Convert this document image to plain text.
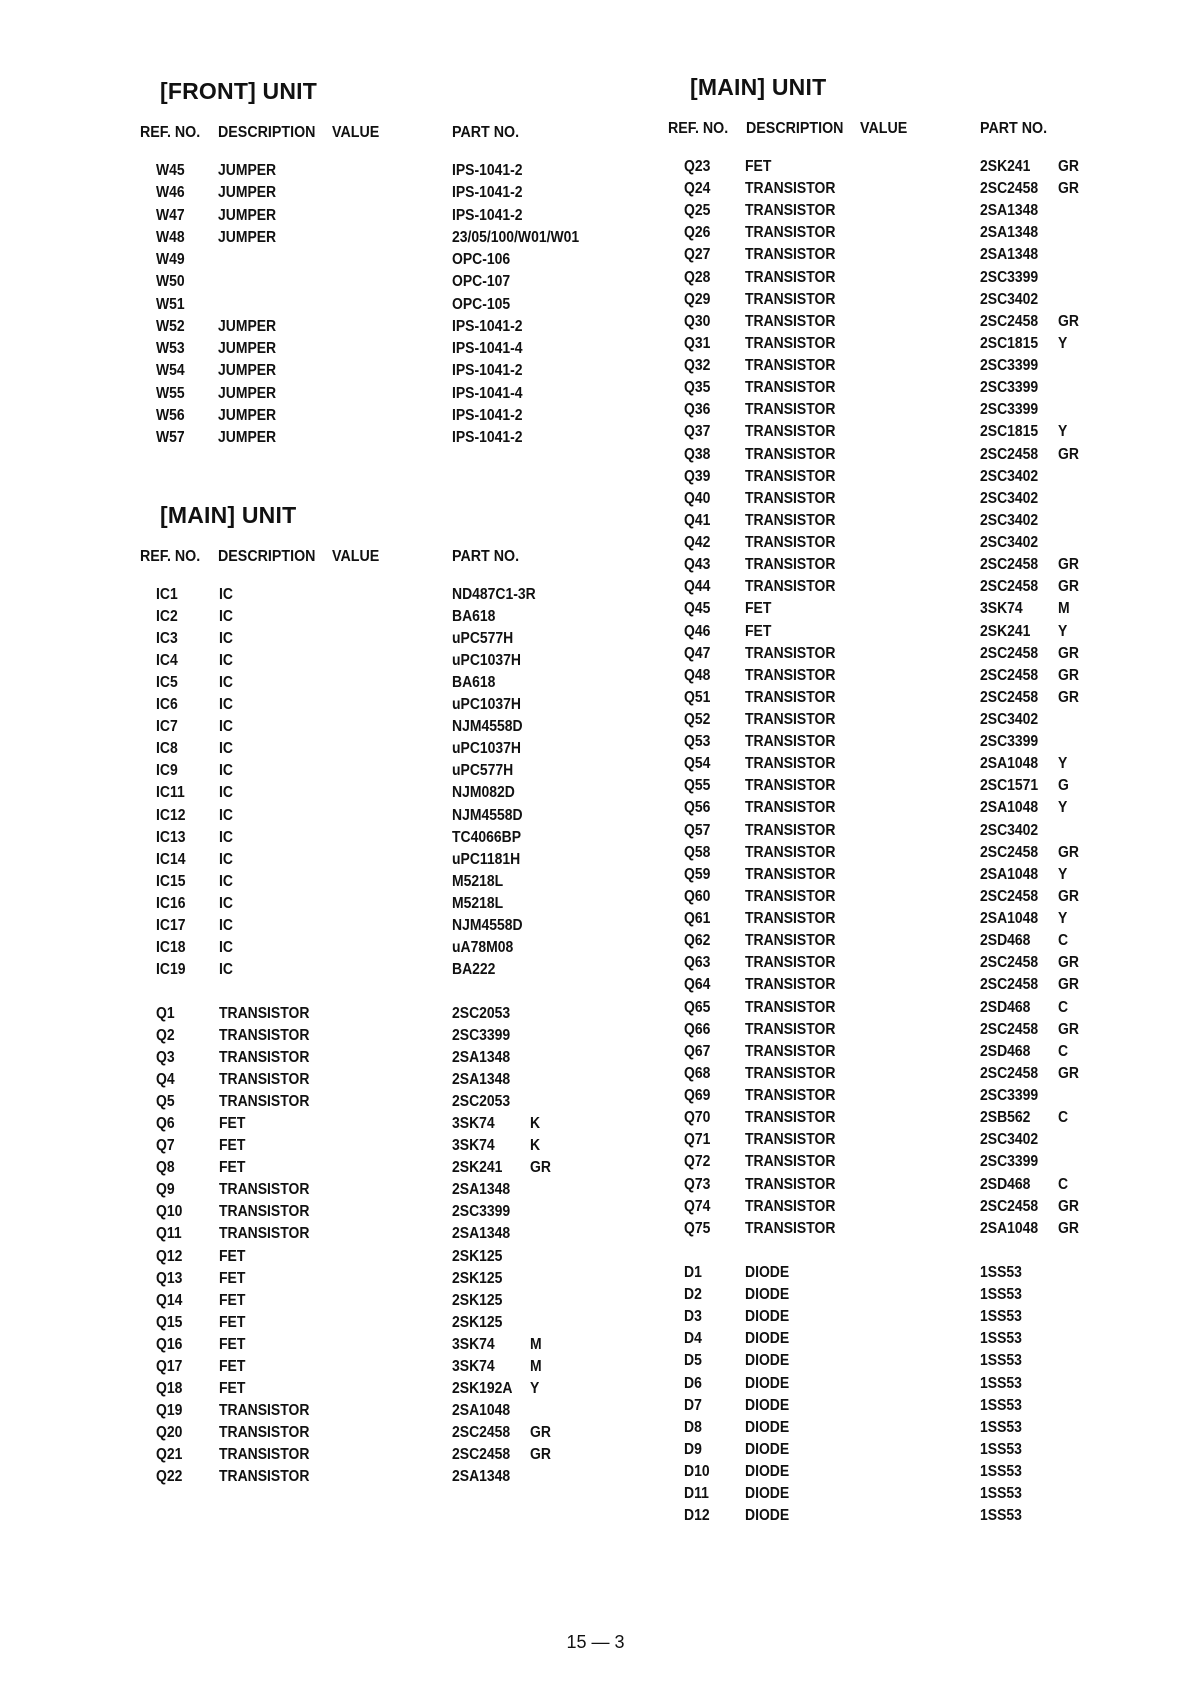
[FRONT] UNIT
REF. NO. DESCRIPTION VALUE	PART NO.
W45 JUMPER	IPS-1041-2
W46 JUMPER	IPS-1041-2
W47 JUMPER	IPS-1041-2
W48 JUMPER	23/05/100/W01/W01
W49	OPC-106
W50	OPC-107
W51	OPC-105
W52 JUMPER	IPS-1041-2
W53 JUMPER	IPS-1041-4
W54 JUMPER	IPS-1041-2
W55 JUMPER	IPS-1041-4
W56 JUMPER	IPS-1041-2
W57 JUMPER	IPS-1041-2
[MAIN] UNIT
REF. NO. DESCRIPTION VALUE	PART NO.
IC1	IC	ND487C1-3R
IC2	IC	BA618
IC3	IC	uPC577H
IC4	IC	uPC1037H
IC5	IC	BA618
IC6	IC	uPC1037H
IC7	IC	NJM4558D
IC8	IC	uPC1037H
IC9	IC	uPC577H
IC11 IC	NJM082D
IC12 IC	NJM4558D
IC13 IC	TC4066BP
IC14 IC	uPC1181H
IC15 IC	M5218L
IC16 IC	M5218L
IC17 IC	NJM4558D
IC18 IC	uA78M08
IC19 IC	BA222
Q1	TRANSISTOR	2SC2053
Q2	TRANSISTOR	2SC3399
Q3	TRANSISTOR	2SA1348
Q4	TRANSISTOR	2SA1348
Q5	TRANSISTOR	2SC2053
Q6	FET	3SK74 K
Q7	FET	3SK74 K
Q8	FET	2SK241 GR
Q9	TRANSISTOR	2SA1348
Q10 TRANSISTOR	2SC3399
Q11 TRANSISTOR	2SA1348
Q12 FET	2SK125
Q13 FET	2SK125
Q14 FET	2SK125
Q15 FET	2SK125
Q16 FET	3SK74 M
Q17 FET	3SK74 M
Q18 FET	2SK192A Y
Q19 TRANSISTOR	2SA1048
Q20 TRANSISTOR	2SC2458 GR
Q21 TRANSISTOR	2SC2458 GR
Q22 TRANSISTOR	2SA1348
[MAIN] UNIT
REF. NO. DESCRIPTION VALUE	PART NO.
Q23 FET	2SK241 GR
Q24 TRANSISTOR	2SC2458 GR
Q25 TRANSISTOR	2SA1348
Q26 TRANSISTOR	2SA1348
Q27 TRANSISTOR	2SA1348
Q28 TRANSISTOR	2SC3399
Q29 TRANSISTOR	2SC3402
Q30 TRANSISTOR	2SC2458 GR
Q31 TRANSISTOR	2SC1815 Y
Q32 TRANSISTOR	2SC3399
Q35 TRANSISTOR	2SC3399
Q36 TRANSISTOR	2SC3399
Q37 TRANSISTOR	2SC1815 Y
Q38 TRANSISTOR	2SC2458 GR
Q39 TRANSISTOR	2SC3402
Q40 TRANSISTOR	2SC3402
Q41 TRANSISTOR	2SC3402
Q42 TRANSISTOR	2SC3402
Q43 TRANSISTOR	2SC2458 GR
Q44 TRANSISTOR	2SC2458 GR
Q45 FET	3SK74 M
Q46 FET	2SK241 Y
Q47 TRANSISTOR	2SC2458 GR
Q48 TRANSISTOR	2SC2458 GR
Q51 TRANSISTOR	2SC2458 GR
Q52 TRANSISTOR	2SC3402
Q53 TRANSISTOR	2SC3399
Q54 TRANSISTOR	2SA1048 Y
Q55 TRANSISTOR	2SC1571 G
Q56 TRANSISTOR	2SA1048 Y
Q57 TRANSISTOR	2SC3402
Q58 TRANSISTOR	2SC2458 GR
Q59 TRANSISTOR	2SA1048 Y
Q60 TRANSISTOR	2SC2458 GR
Q61 TRANSISTOR	2SA1048 Y
Q62 TRANSISTOR	2SD468 C
Q63 TRANSISTOR	2SC2458 GR
Q64 TRANSISTOR	2SC2458 GR
Q65 TRANSISTOR	2SD468 C
Q66 TRANSISTOR	2SC2458 GR
Q67 TRANSISTOR	2SD468 C
Q68 TRANSISTOR	2SC2458 GR
Q69 TRANSISTOR	2SC3399
Q70 TRANSISTOR	2SB562 C
Q71 TRANSISTOR	2SC3402
Q72 TRANSISTOR	2SC3399
Q73 TRANSISTOR	2SD468 C
Q74 TRANSISTOR	2SC2458 GR
Q75 TRANSISTOR	2SA1048 GR
D1	DIODE	1SS53
D2	DIODE	1SS53
D3	DIODE	1SS53
D4	DIODE	1SS53
D5	DIODE	1SS53
D6	DIODE	1SS53
D7	DIODE	1SS53
D8	DIODE	1SS53
D9	DIODE	1SS53
D10 DIODE	1SS53
D11 DIODE	1SS53
D12 DIODE	1SS53
15 — 3
